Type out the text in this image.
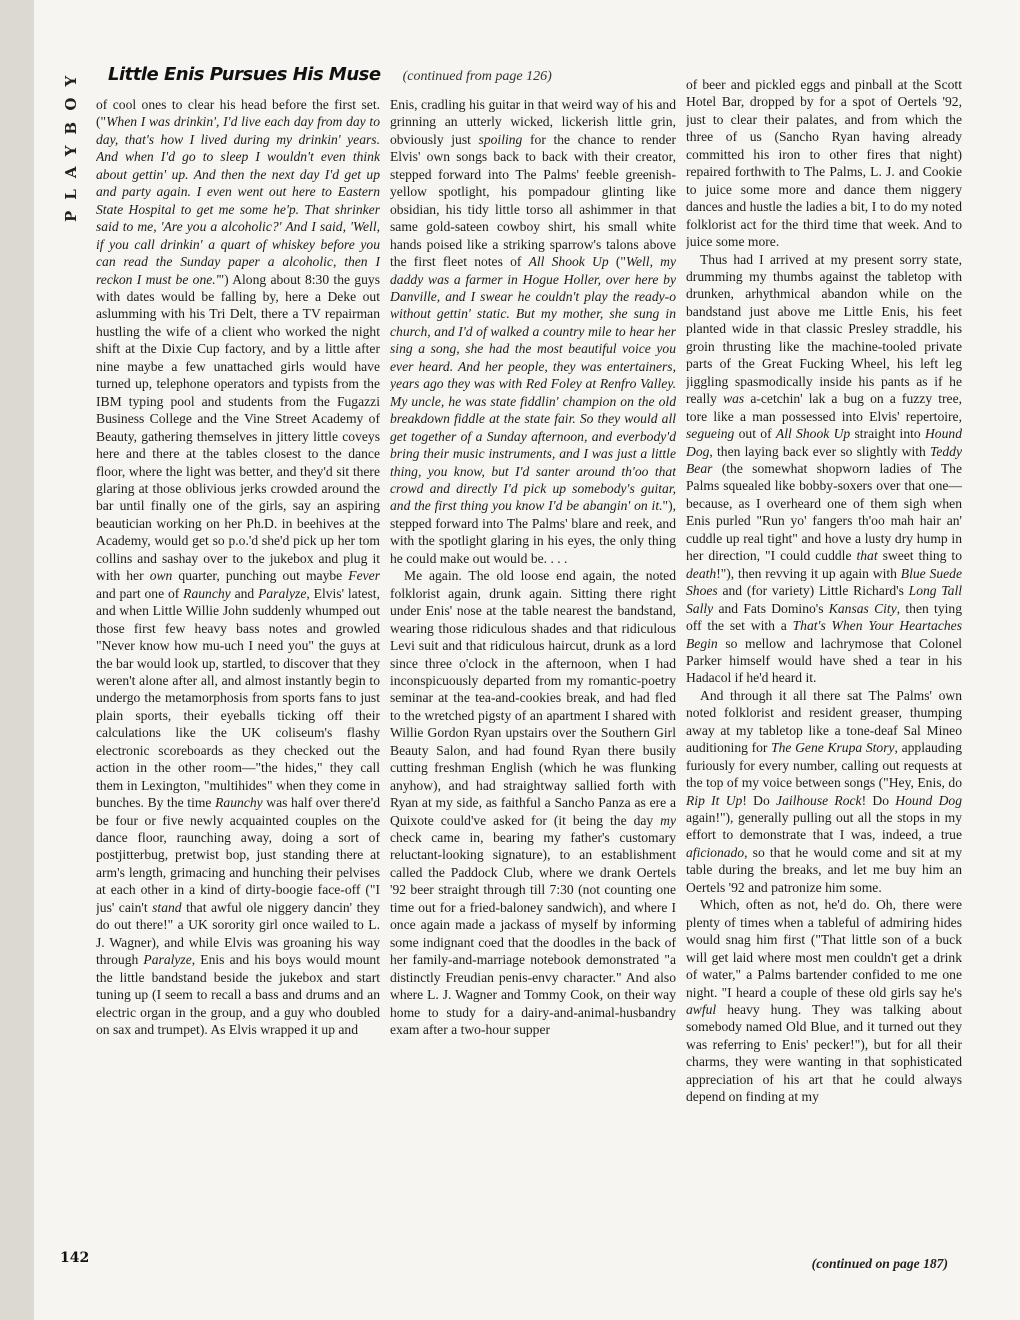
PLAYBOY	Little Enis Pursues His Muse (continued from page 126)

of cool ones to clear his head before the first set. ("When I was drinkin', I'd live each day from day to day, that's how I lived during my drinkin' years. And when I'd go to sleep I wouldn't even think about gettin' up. And then the next day I'd get up and party again. I even went out here to Eastern State Hospital to get me some he'p. That shrinker said to me, 'Are you a alcoholic?' And I said, 'Well, if you call drinkin' a quart of whiskey before you can read the Sunday paper a alcoholic, then I reckon I must be one.'") Along about 8:30 the guys with dates would be falling by, here a Deke out aslumming with his Tri Delt, there a TV repairman hustling the wife of a client who worked the night shift at the Dixie Cup factory, and by a little after nine maybe a few unattached girls would have turned up, telephone operators and typists from the IBM typing pool and students from the Fugazzi Business College and the Vine Street Academy of Beauty, gathering themselves in jittery little coveys here and there at the tables closest to the dance floor, where the light was better, and they'd sit there glaring at those oblivious jerks crowded around the bar until finally one of the girls, say an aspiring beautician working on her Ph.D. in beehives at the Academy, would get so p.o.'d she'd pick up her tom collins and sashay over to the jukebox and plug it with her own quarter, punching out maybe Fever and part one of Raunchy and Paralyze, Elvis' latest, and when Little Willie John suddenly whumped out those first few heavy bass notes and growled "Never know how mu-uch I need you" the guys at the bar would look up, startled, to discover that they weren't alone after all, and almost instantly begin to undergo the metamorphosis from sports fans to just plain sports, their eyeballs ticking off their calculations like the UK coliseum's flashy electronic scoreboards as they checked out the action in the other room—"the hides," they call them in Lexington, "multihides" when they come in bunches. By the time Raunchy was half over there'd be four or five newly acquainted couples on the dance floor, raunching away, doing a sort of postjitterbug, pretwist bop, just standing there at arm's length, grimacing and hunching their pelvises at each other in a kind of dirty-boogie face-off ("I jus' cain't stand that awful ole niggery dancin' they do out there!" a UK sorority girl once wailed to L. J. Wagner), and while Elvis was groaning his way through Paralyze, Enis and his boys would mount the little bandstand beside the jukebox and start tuning up (I seem to recall a bass and drums and an electric organ in the group, and a guy who doubled on sax and trumpet). As Elvis wrapped it up and

Enis, cradling his guitar in that weird way of his and grinning an utterly wicked, lickerish little grin, obviously just spoiling for the chance to render Elvis' own songs back to back with their creator, stepped forward into The Palms' feeble greenish-yellow spotlight, his pompadour glinting like obsidian, his tidy little torso all ashimmer in that same gold-sateen cowboy shirt, his small white hands poised like a striking sparrow's talons above the first fleet notes of All Shook Up ("Well, my daddy was a farmer in Hogue Holler, over here by Danville, and I swear he couldn't play the ready-o without gettin' static. But my mother, she sung in church, and I'd of walked a country mile to hear her sing a song, she had the most beautiful voice you ever heard. And her people, they was entertainers, years ago they was with Red Foley at Renfro Valley. My uncle, he was state fiddlin' champion on the old breakdown fiddle at the state fair. So they would all get together of a Sunday afternoon, and everbody'd bring their music instruments, and I was just a little thing, you know, but I'd santer around th'oo that crowd and directly I'd pick up somebody's guitar, and the first thing you know I'd be abangin' on it."), stepped forward into The Palms' blare and reek, and with the spotlight glaring in his eyes, the only thing he could make out would be. . . .

Me again. The old loose end again, the noted folklorist again, drunk again. Sitting there right under Enis' nose at the table nearest the bandstand, wearing those ridiculous shades and that ridiculous Levi suit and that ridiculous haircut, drunk as a lord since three o'clock in the afternoon, when I had inconspicuously departed from my romantic-poetry seminar at the tea-and-cookies break, and had fled to the wretched pigsty of an apartment I shared with Willie Gordon Ryan upstairs over the Southern Girl Beauty Salon, and had found Ryan there busily cutting freshman English (which he was flunking anyhow), and had straightway sallied forth with Ryan at my side, as faithful a Sancho Panza as ere a Quixote could've asked for (it being the day my check came in, bearing my father's customary reluctant-looking signature), to an establishment called the Paddock Club, where we drank Oertels '92 beer straight through till 7:30 (not counting one time out for a fried-baloney sandwich), and where I once again made a jackass of myself by informing some indignant coed that the doodles in the back of her family-and-marriage notebook demonstrated "a distinctly Freudian penis-envy character." And also where L. J. Wagner and Tommy Cook, on their way home to study for a dairy-and-animal-husbandry exam after a two-hour supper

of beer and pickled eggs and pinball at the Scott Hotel Bar, dropped by for a spot of Oertels '92, just to clear their palates, and from which the three of us (Sancho Ryan having already committed his iron to other fires that night) repaired forthwith to The Palms, L. J. and Cookie to juice some more and dance them niggery dances and hustle the ladies a bit, I to do my noted folklorist act for the third time that week. And to juice some more.

Thus had I arrived at my present sorry state, drumming my thumbs against the tabletop with drunken, arhythmical abandon while on the bandstand just above me Little Enis, his feet planted wide in that classic Presley straddle, his groin thrusting like the machine-tooled private parts of the Great Fucking Wheel, his left leg jiggling spasmodically inside his pants as if he really was a-cetchin' lak a bug on a fuzzy tree, tore like a man possessed into Elvis' repertoire, segueing out of All Shook Up straight into Hound Dog, then laying back ever so slightly with Teddy Bear (the somewhat shopworn ladies of The Palms squealed like bobby-soxers over that one—because, as I overheard one of them sigh when Enis purled "Run yo' fangers th'oo mah hair an' cuddle up real tight" and hove a lusty dry hump in her direction, "I could cuddle that sweet thing to death!"), then revving it up again with Blue Suede Shoes and (for variety) Little Richard's Long Tall Sally and Fats Domino's Kansas City, then tying off the set with a That's When Your Heartaches Begin so mellow and lachrymose that Colonel Parker himself would have shed a tear in his Hadacol if he'd heard it.

And through it all there sat The Palms' own noted folklorist and resident greaser, thumping away at my tabletop like a tone-deaf Sal Mineo auditioning for The Gene Krupa Story, applauding furiously for every number, calling out requests at the top of my voice between songs ("Hey, Enis, do Rip It Up! Do Jailhouse Rock! Do Hound Dog again!"), generally pulling out all the stops in my effort to demonstrate that I was, indeed, a true aficionado, so that he would come and sit at my table during the breaks, and let me buy him an Oertels '92 and patronize him some.

Which, often as not, he'd do. Oh, there were plenty of times when a tableful of admiring hides would snag him first ("That little son of a buck will get laid where most men couldn't get a drink of water," a Palms bartender confided to me one night. "I heard a couple of these old girls say he's awful heavy hung. They was talking about somebody named Old Blue, and it turned out they was referring to Enis' pecker!"), but for all their charms, they were wanting in that sophisticated appreciation of his art that he could always depend on finding at my

(continued on page 187)
142
